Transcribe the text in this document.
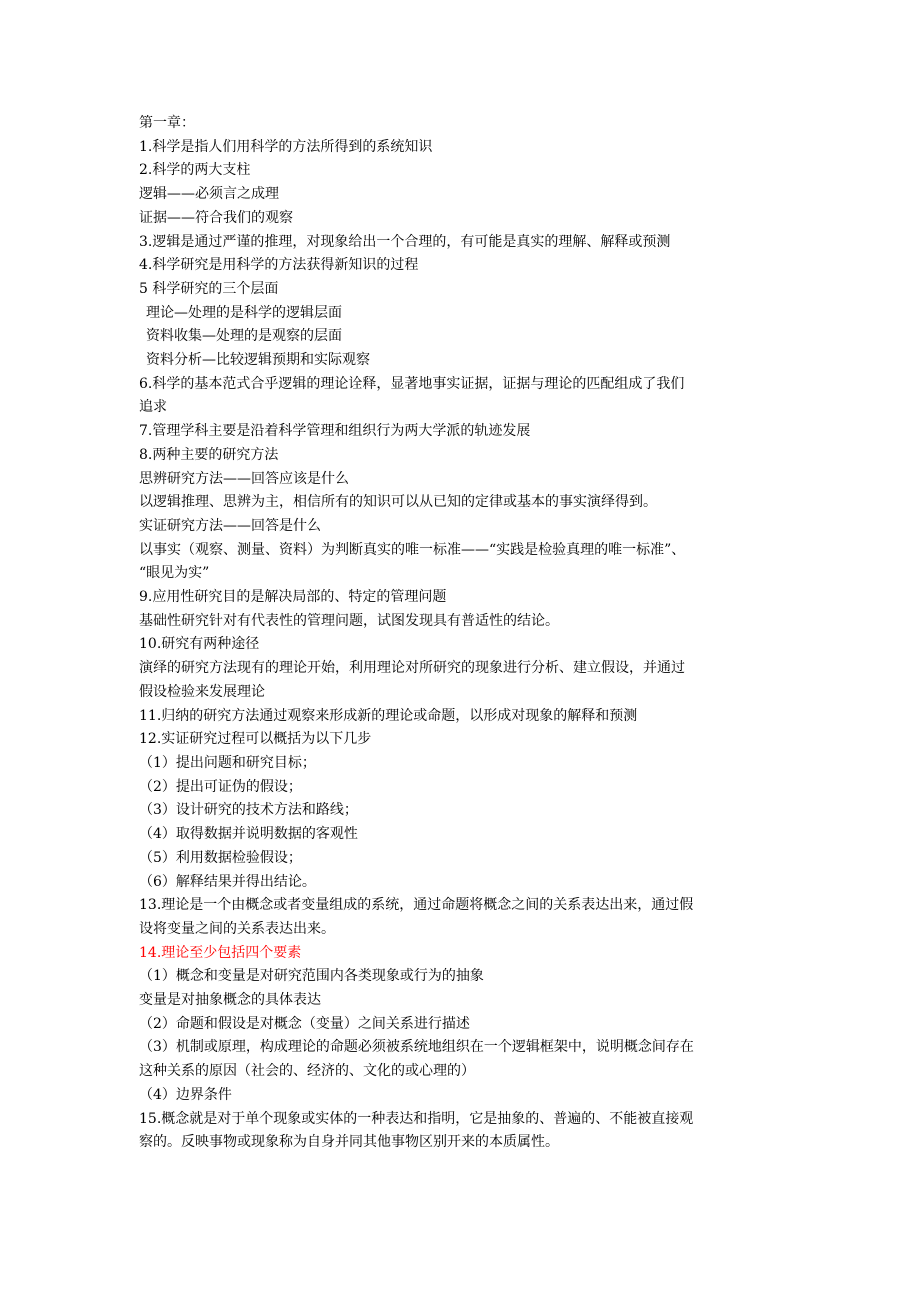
第一章：
1.科学是指人们用科学的方法所得到的系统知识
2.科学的两大支柱
逻辑——必须言之成理
证据——符合我们的观察
3.逻辑是通过严谨的推理，对现象给出一个合理的，有可能是真实的理解、解释或预测
4.科学研究是用科学的方法获得新知识的过程
5 科学研究的三个层面
理论—处理的是科学的逻辑层面
资料收集—处理的是观察的层面
资料分析—比较逻辑预期和实际观察
6.科学的基本范式合乎逻辑的理论诠释，显著地事实证据，证据与理论的匹配组成了我们
追求
7.管理学科主要是沿着科学管理和组织行为两大学派的轨迹发展
8.两种主要的研究方法
思辨研究方法——回答应该是什么
以逻辑推理、思辨为主，相信所有的知识可以从已知的定律或基本的事实演绎得到。
实证研究方法——回答是什么
以事实（观察、测量、资料）为判断真实的唯一标准——“实践是检验真理的唯一标准”、
“眼见为实”
9.应用性研究目的是解决局部的、特定的管理问题
基础性研究针对有代表性的管理问题，试图发现具有普适性的结论。
10.研究有两种途径
演绎的研究方法现有的理论开始，利用理论对所研究的现象进行分析、建立假设，并通过
假设检验来发展理论
11.归纳的研究方法通过观察来形成新的理论或命题，以形成对现象的解释和预测
12.实证研究过程可以概括为以下几步
（1）提出问题和研究目标；
（2）提出可证伪的假设；
（3）设计研究的技术方法和路线；
（4）取得数据并说明数据的客观性
（5）利用数据检验假设；
（6）解释结果并得出结论。
13.理论是一个由概念或者变量组成的系统，通过命题将概念之间的关系表达出来，通过假
设将变量之间的关系表达出来。
14.理论至少包括四个要素
（1）概念和变量是对研究范围内各类现象或行为的抽象
变量是对抽象概念的具体表达
（2）命题和假设是对概念（变量）之间关系进行描述
（3）机制或原理，构成理论的命题必须被系统地组织在一个逻辑框架中，说明概念间存在
这种关系的原因（社会的、经济的、文化的或心理的）
（4）边界条件
15.概念就是对于单个现象或实体的一种表达和指明，它是抽象的、普遍的、不能被直接观
察的。反映事物或现象称为自身并同其他事物区别开来的本质属性。
